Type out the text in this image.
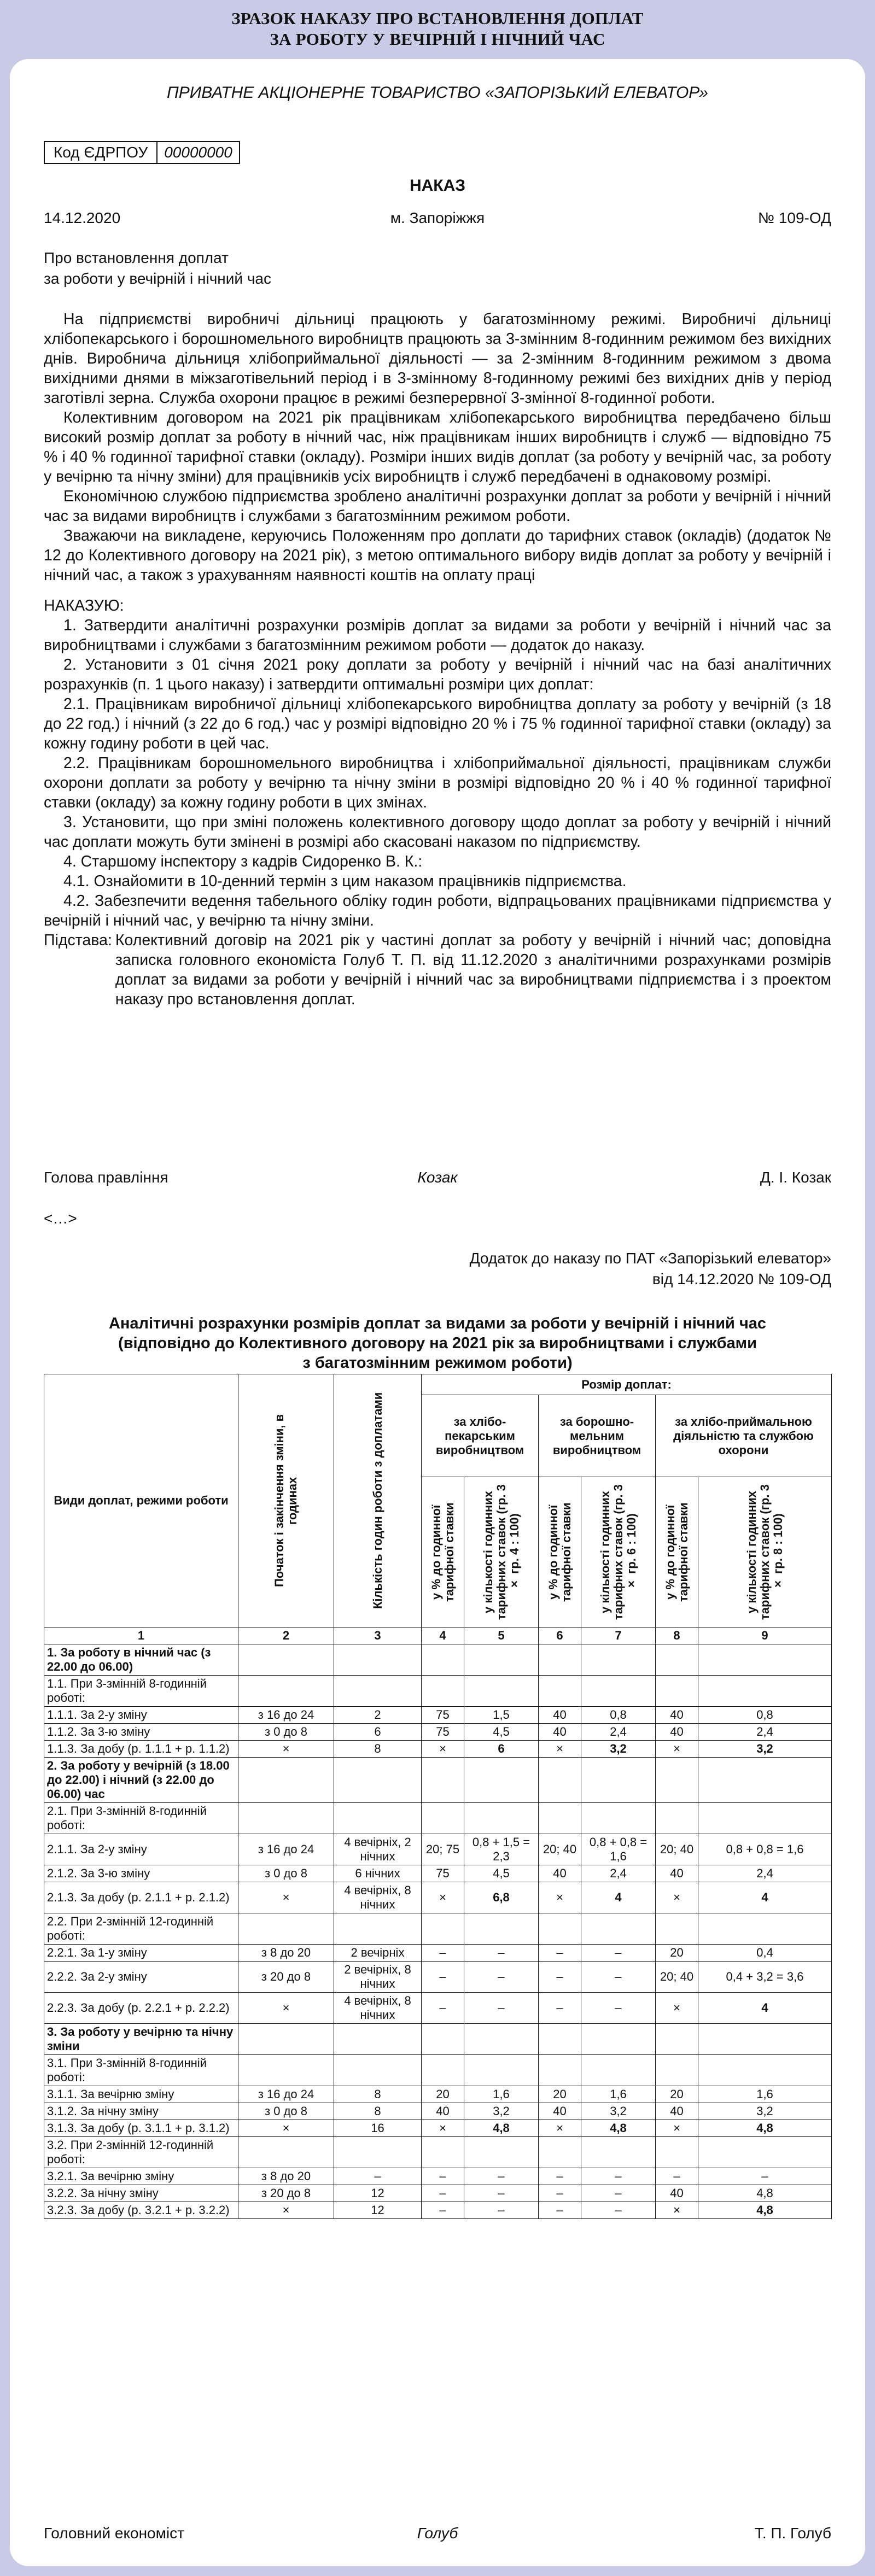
ЗРАЗОК НАКАЗУ ПРО ВСТАНОВЛЕННЯ ДОПЛАТ
ЗА РОБОТУ У ВЕЧІРНІЙ І НІЧНИЙ ЧАС
ПРИВАТНЕ АКЦІОНЕРНЕ ТОВАРИСТВО «ЗАПОРІЗЬКИЙ ЕЛЕВАТОР»
Код ЄДРПОУ	00000000
НАКАЗ
14.12.2020	м. Запоріжжя	№ 109-ОД
Про встановлення доплат
за роботи у вечірній і нічний час

На підприємстві виробничі дільниці працюють у багатозмінному режимі. Виробничі дільниці хлібопекарського і борошномельного виробництв працюють за 3-змінним 8-годинним режимом без вихідних днів. Виробнича дільниця хлібоприймальної діяльності — за 2-змінним 8-годинним режимом з двома вихідними днями в міжзаготівельний період і в 3-змінному 8-годинному режимі без вихідних днів у період заготівлі зерна. Служба охорони працює в режимі безперервної 3-змінної 8-годинної роботи.

Колективним договором на 2021 рік працівникам хлібопекарського виробництва передбачено більш високий розмір доплат за роботу в нічний час, ніж працівникам інших виробництв і служб — відповідно 75 % і 40 % годинної тарифної ставки (окладу). Розміри інших видів доплат (за роботу у вечірній час, за роботу у вечірню та нічну зміни) для працівників усіх виробництв і служб передбачені в однаковому розмірі.

Економічною службою підприємства зроблено аналітичні розрахунки доплат за роботи у вечірній і нічний час за видами виробництв і службами з багатозмінним режимом роботи.

Зважаючи на викладене, керуючись Положенням про доплати до тарифних ставок (окладів) (додаток № 12 до Колективного договору на 2021 рік), з метою оптимального вибору видів доплат за роботу у вечірній і нічний час, а також з урахуванням наявності коштів на оплату праці

НАКАЗУЮ:

1. Затвердити аналітичні розрахунки розмірів доплат за видами за роботи у вечірній і нічний час за виробництвами і службами з багатозмінним режимом роботи — додаток до наказу.

2. Установити з 01 січня 2021 року доплати за роботу у вечірній і нічний час на базі аналітичних розрахунків (п. 1 цього наказу) і затвердити оптимальні розміри цих доплат:

2.1. Працівникам виробничої дільниці хлібопекарського виробництва доплату за роботу у вечірній (з 18 до 22 год.) і нічний (з 22 до 6 год.) час у розмірі відповідно 20 % і 75 % годинної тарифної ставки (окладу) за кожну годину роботи в цей час.

2.2. Працівникам борошномельного виробництва і хлібоприймальної діяльності, працівникам служби охорони доплати за роботу у вечірню та нічну зміни в розмірі відповідно 20 % і 40 % годинної тарифної ставки (окладу) за кожну годину роботи в цих змінах.

3. Установити, що при зміні положень колективного договору щодо доплат за роботу у вечірній і нічний час доплати можуть бути змінені в розмірі або скасовані наказом по підприємству.

4. Старшому інспектору з кадрів Сидоренко В. К.:

4.1. Ознайомити в 10-денний термін з цим наказом працівників підприємства.

4.2. Забезпечити ведення табельного обліку годин роботи, відпрацьованих працівниками підприємства у вечірній і нічний час, у вечірню та нічну зміни.

Підстава: Колективний договір на 2021 рік у частині доплат за роботу у вечірній і нічний час; доповідна записка головного економіста Голуб Т. П. від 11.12.2020 з аналітичними розрахунками розмірів доплат за видами за роботи у вечірній і нічний час за виробництвами підприємства і з проектом наказу про встановлення доплат.
Голова правління	Козак	Д. І. Козак
<…>
Додаток до наказу по ПАТ «Запорізький елеватор»
від 14.12.2020 № 109-ОД
Аналітичні розрахунки розмірів доплат за видами за роботи у вечірній і нічний час
(відповідно до Колективного договору на 2021 рік за виробництвами і службами
з багатозмінним режимом роботи)
Види доплат, режими роботи	Початок і закінчення зміни, в годинах	Кількість годин роботи з доплатами	Розмір доплат:					
			за хлібо-пекарським виробництвом		за борошно-мельним виробництвом		за хлібо-приймальною діяльністю та службою охорони	

			у % до годинної тарифної ставки	у кількості годинних тарифних ставок (гр. 3 × гр. 4 : 100)	у % до годинної тарифної ставки	у кількості годинних тарифних ставок (гр. 3 × гр. 6 : 100)	у % до годинної тарифної ставки	у кількості годинних тарифних ставок (гр. 3 × гр. 8 : 100)

1	2	3	4	5	6	7	8	9
1. За роботу в нічний час (з 22.00 до 06.00)								
1.1. При 3-змінній 8-годинній роботі:								
1.1.1. За 2-у зміну	з 16 до 24	2	75	1,5	40	0,8	40	0,8
1.1.2. За 3-ю зміну	з 0 до 8	6	75	4,5	40	2,4	40	2,4
1.1.3. За добу (р. 1.1.1 + р. 1.1.2)	×	8	×	6	×	3,2	×	3,2
2. За роботу у вечірній (з 18.00 до 22.00) і нічний (з 22.00 до 06.00) час								
2.1. При 3-змінній 8-годинній роботі:								
2.1.1. За 2-у зміну	з 16 до 24	4 вечірніх, 2 нічних	20; 75	0,8 + 1,5 = 2,3	20; 40	0,8 + 0,8 = 1,6	20; 40	0,8 + 0,8 = 1,6
2.1.2. За 3-ю зміну	з 0 до 8	6 нічних	75	4,5	40	2,4	40	2,4
2.1.3. За добу (р. 2.1.1 + р. 2.1.2)	×	4 вечірніх, 8 нічних	×	6,8	×	4	×	4
2.2. При 2-змінній 12-годинній роботі:								
2.2.1. За 1-у зміну	з 8 до 20	2 вечірніх	–	–	–	–	20	0,4
2.2.2. За 2-у зміну	з 20 до 8	2 вечірніх, 8 нічних	–	–	–	–	20; 40	0,4 + 3,2 = 3,6
2.2.3. За добу (р. 2.2.1 + р. 2.2.2)	×	4 вечірніх, 8 нічних	–	–	–	–	×	4
3. За роботу у вечірню та нічну зміни								
3.1. При 3-змінній 8-годинній роботі:								
3.1.1. За вечірню зміну	з 16 до 24	8	20	1,6	20	1,6	20	1,6
3.1.2. За нічну зміну	з 0 до 8	8	40	3,2	40	3,2	40	3,2
3.1.3. За добу (р. 3.1.1 + р. 3.1.2)	×	16	×	4,8	×	4,8	×	4,8
3.2. При 2-змінній 12-годинній роботі:								
3.2.1. За вечірню зміну	з 8 до 20	–	–	–	–	–	–	–
3.2.2. За нічну зміну	з 20 до 8	12	–	–	–	–	40	4,8
3.2.3. За добу (р. 3.2.1 + р. 3.2.2)	×	12	–	–	–	–	×	4,8
Головний економіст	Голуб	Т. П. Голуб
